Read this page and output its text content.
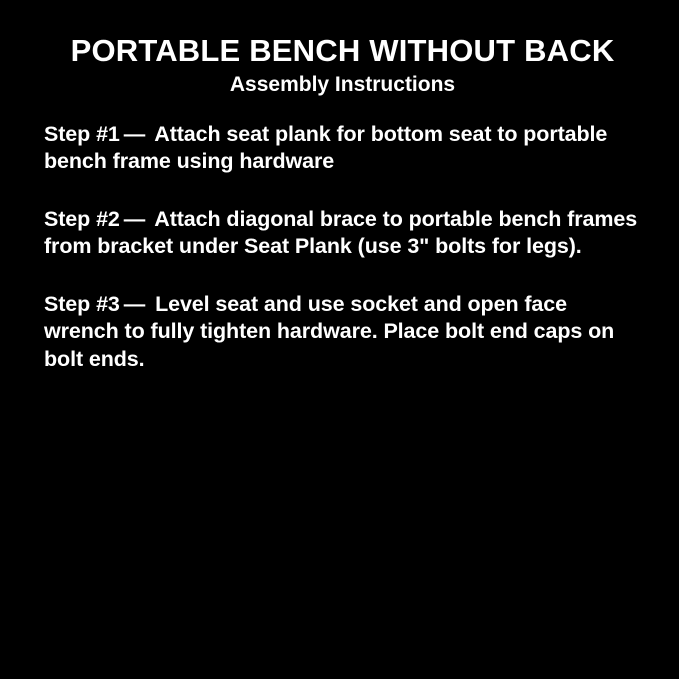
PORTABLE BENCH WITHOUT BACK
Assembly Instructions

Step #1 — Attach seat plank for bottom seat to portable bench frame using hardware

Step #2 — Attach diagonal brace to portable bench frames from bracket under Seat Plank (use 3" bolts for legs).

Step #3 — Level seat and use socket and open face wrench to fully tighten hardware. Place bolt end caps on bolt ends.
